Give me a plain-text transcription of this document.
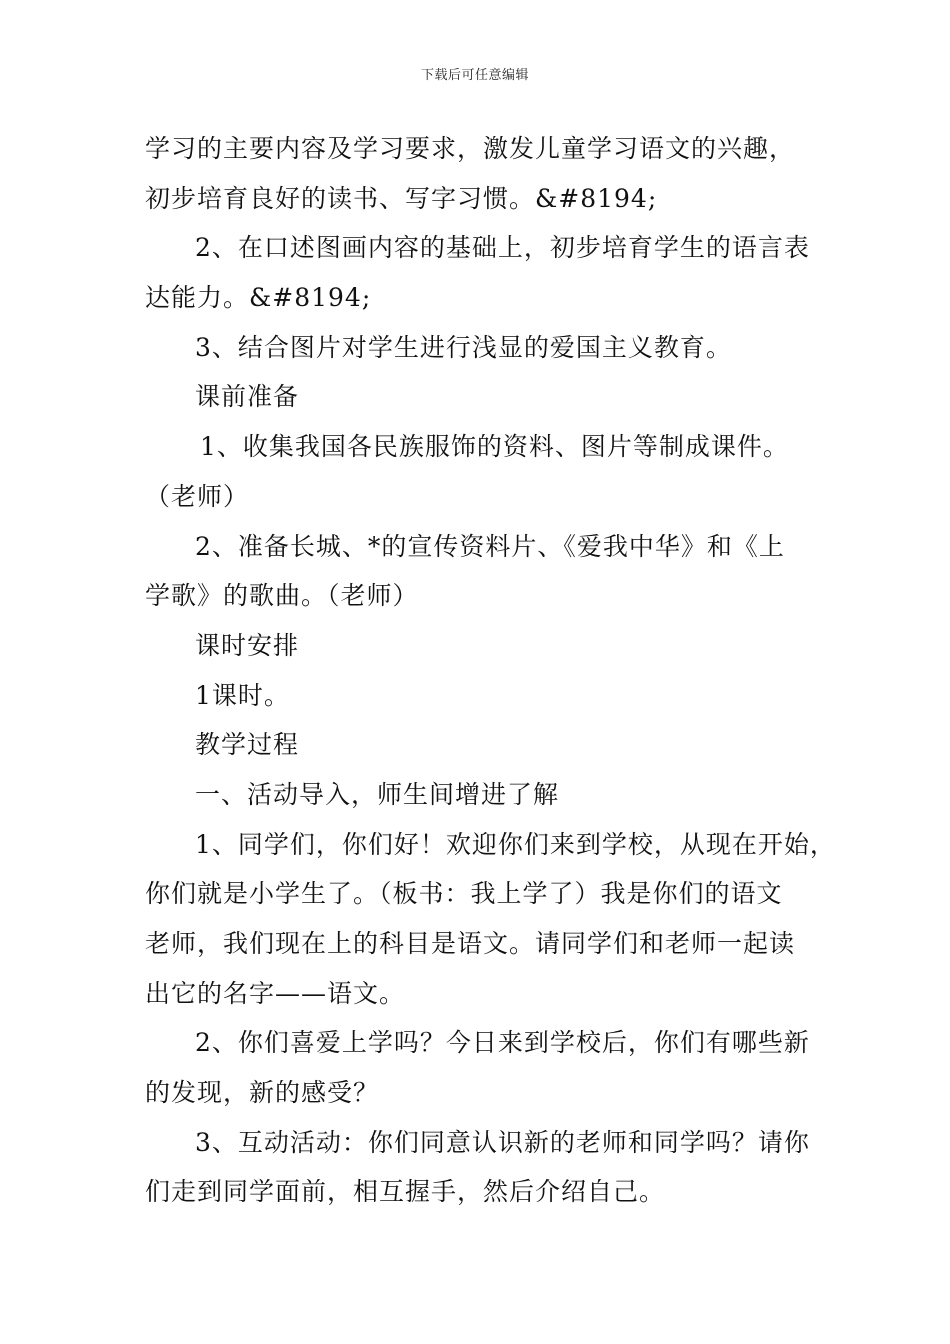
下载后可任意编辑
学习的主要内容及学习要求，激发儿童学习语文的兴趣，
初步培育良好的读书、写字习惯。&#8194;
2、在口述图画内容的基础上，初步培育学生的语言表
达能力。&#8194;
3、结合图片对学生进行浅显的爱国主义教育。
课前准备
1、收集我国各民族服饰的资料、图片等制成课件。
（老师）
2、准备长城、*的宣传资料片、《爱我中华》和《上
学歌》的歌曲。（老师）
课时安排
1课时。
教学过程
一、活动导入，师生间增进了解
1、同学们，你们好！欢迎你们来到学校，从现在开始，
你们就是小学生了。（板书：我上学了）我是你们的语文
老师，我们现在上的科目是语文。请同学们和老师一起读
出它的名字——语文。
2、你们喜爱上学吗？今日来到学校后，你们有哪些新
的发现，新的感受？
3、互动活动：你们同意认识新的老师和同学吗？请你
们走到同学面前，相互握手，然后介绍自己。
